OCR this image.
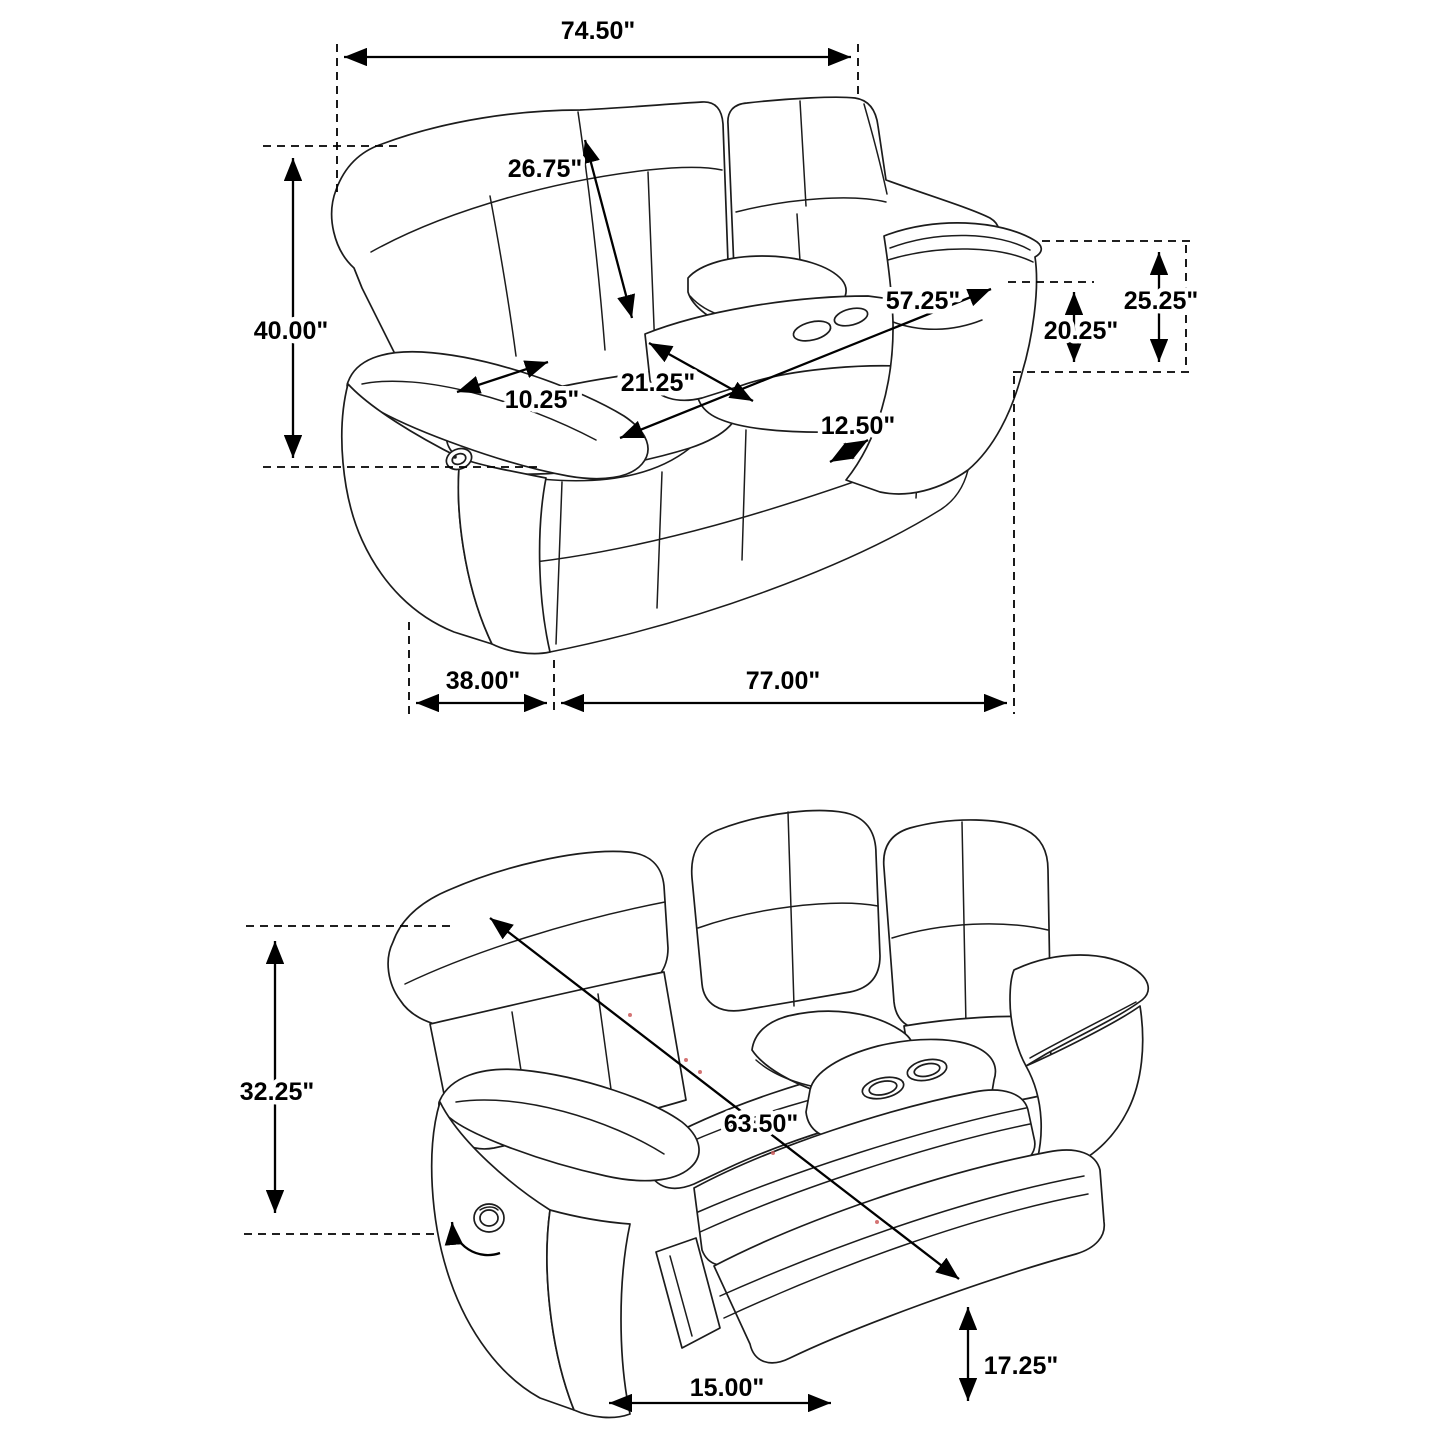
74.50"
26.75"
40.00"
10.25"
21.25"
57.25"
12.50"
25.25"
20.25"
38.00"	77.00"
32.25"
63.50"
17.25"
15.00"
